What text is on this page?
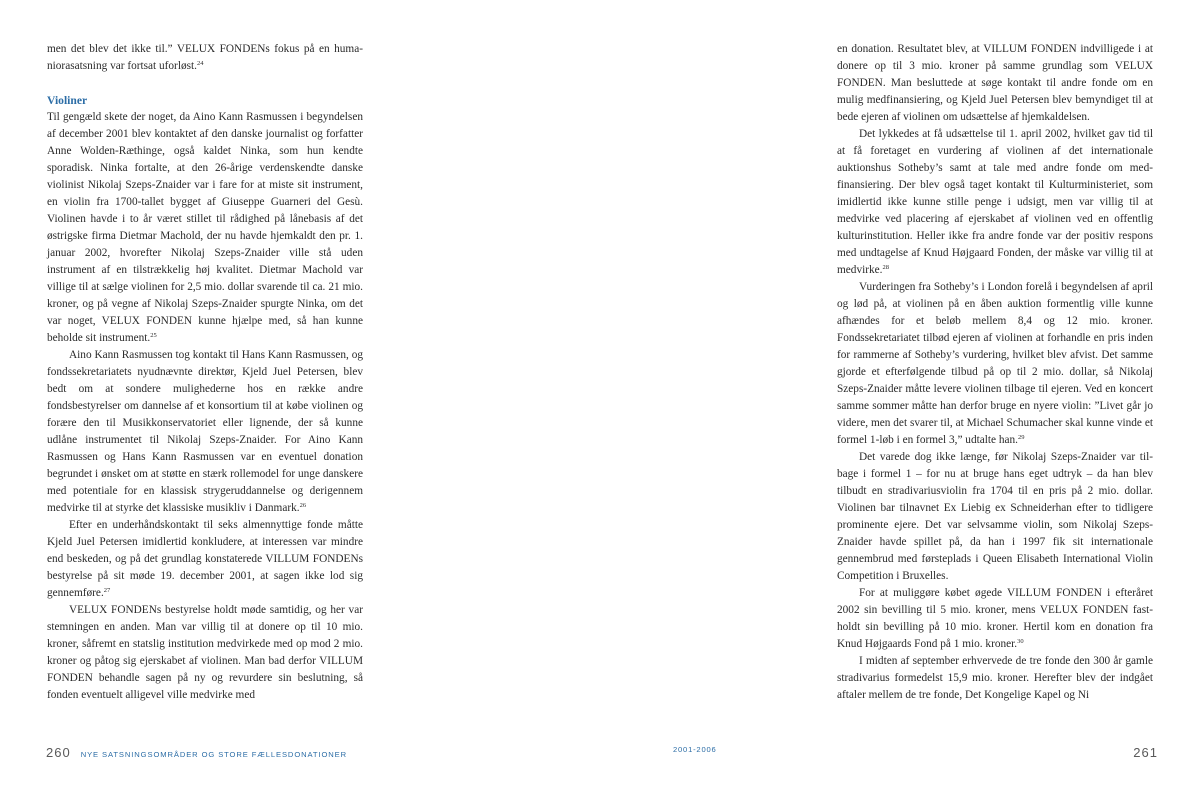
men det blev det ikke til.” VELUX FONDENs fokus på en humaniorasatsning var fortsat uforløst.$^{24}$

Violiner

Til gengæld skete der noget, da Aino Kann Rasmussen i begyndelsen af december 2001 blev kontaktet af den danske journalist og forfatter Anne Wolden-Ræthinge, også kaldet Ninka, som hun kendte sporadisk. Ninka fortalte, at den 26-årige verdenskendte danske violinist Nikolaj Szeps-Znaider var i fare for at miste sit instrument, en violin fra 1700-tallet bygget af Giuseppe Guarneri del Gesù. Violinen havde i to år været stillet til rådighed på lånebasis af det østrigske firma Dietmar Machold, der nu havde hjemkaldt den pr. 1. januar 2002, hvorefter Nikolaj Szeps-Znaider ville stå uden instrument af en tilstrækkelig høj kvalitet. Dietmar Machold var villige til at sælge violinen for 2,5 mio. dollar svarende til ca. 21 mio. kroner, og på vegne af Nikolaj Szeps-Znaider spurgte Ninka, om det var noget, VELUX FONDEN kunne hjælpe med, så han kunne beholde sit instrument.$^{25}$

Aino Kann Rasmussen tog kontakt til Hans Kann Rasmussen, og fondssekretariatets nyudnævnte direktør, Kjeld Juel Petersen, blev bedt om at sondere mulighederne hos en række andre fondsbestyrelser om dannelse af et konsortium til at købe violinen og forære den til Musikkonservatoriet eller lignende, der så kunne udlåne instrumentet til Nikolaj Szeps-Znaider. For Aino Kann Rasmussen og Hans Kann Rasmussen var en eventuel donation begrundet i ønsket om at støtte en stærk rollemodel for unge danskere med potentiale for en klassisk strygeruddannelse og derigennem medvirke til at styrke det klassiske musikliv i Danmark.$^{26}$

Efter en underhåndskontakt til seks almennyttige fonde måtte Kjeld Juel Petersen imidlertid konkludere, at interessen var mindre end beskeden, og på det grundlag konstaterede VILLUM FONDENs bestyrelse på sit møde 19. december 2001, at sagen ikke lod sig gennemføre.$^{27}$

VELUX FONDENs bestyrelse holdt møde samtidig, og her var stemningen en anden. Man var villig til at donere op til 10 mio. kroner, såfremt en statslig institution medvirkede med op mod 2 mio. kroner og påtog sig ejerskabet af violinen. Man bad derfor VILLUM FONDEN behandle sagen på ny og revurdere sin beslutning, så fonden eventuelt alligevel ville medvirke med

260 NYE SATSNINGSOMRÅDER OG STORE FÆLLESDONATIONER

en donation. Resultatet blev, at VILLUM FONDEN indvilligede i at donere op til 3 mio. kroner på samme grundlag som VELUX FONDEN. Man besluttede at søge kontakt til andre fonde om en mulig medfinansiering, og Kjeld Juel Petersen blev bemyndiget til at bede ejeren af violinen om udsættelse af hjemkaldelsen.

Det lykkedes at få udsættelse til 1. april 2002, hvilket gav tid til at få foretaget en vurdering af violinen af det internationale auktionshus Sotheby’s samt at tale med andre fonde om medfinansiering. Der blev også taget kontakt til Kulturministeriet, som imidlertid ikke kunne stille penge i udsigt, men var villig til at medvirke ved placering af ejerskabet af violinen ved en offentlig kulturinstitution. Heller ikke fra andre fonde var der positiv respons med undtagelse af Knud Højgaard Fonden, der måske var villig til at medvirke.$^{28}$

Vurderingen fra Sotheby’s i London forelå i begyndelsen af april og lød på, at violinen på en åben auktion formentlig ville kunne afhændes for et beløb mellem 8,4 og 12 mio. kroner. Fondssekretariatet tilbød ejeren af violinen at forhandle en pris inden for rammerne af Sotheby’s vurdering, hvilket blev afvist. Det samme gjorde et efterfølgende tilbud på op til 2 mio. dollar, så Nikolaj Szeps-Znaider måtte levere violinen tilbage til ejeren. Ved en koncert samme sommer måtte han derfor bruge en nyere violin: ”Livet går jo videre, men det svarer til, at Michael Schumacher skal kunne vinde et formel 1-løb i en formel 3,” udtalte han.$^{29}$

Det varede dog ikke længe, før Nikolaj Szeps-Znaider var tilbage i formel 1 – for nu at bruge hans eget udtryk – da han blev tilbudt en stradivariusviolin fra 1704 til en pris på 2 mio. dollar. Violinen bar tilnavnet Ex Liebig ex Schneiderhan efter to tidligere prominente ejere. Det var selvsamme violin, som Nikolaj Szeps-Znaider havde spillet på, da han i 1997 fik sit internationale gennembrud med førsteplads i Queen Elisabeth International Violin Competition i Bruxelles.

For at muliggøre købet øgede VILLUM FONDEN i efteråret 2002 sin bevilling til 5 mio. kroner, mens VELUX FONDEN fastholdt sin bevilling på 10 mio. kroner. Hertil kom en donation fra Knud Højgaards Fond på 1 mio. kroner.$^{30}$

I midten af september erhvervede de tre fonde den 300 år gamle stradivarius formedelst 15,9 mio. kroner. Herefter blev der indgået aftaler mellem de tre fonde, Det Kongelige Kapel og Ni

2001-2006	261
